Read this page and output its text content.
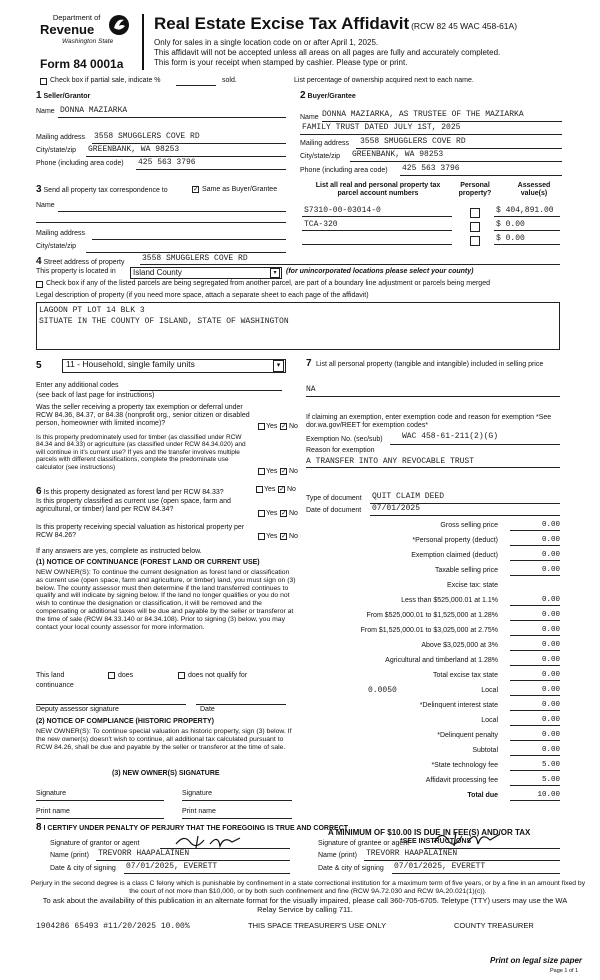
Department of
Revenue
Washington State
Form 84 0001a
Real Estate Excise Tax Affidavit (RCW 82 45 WAC 458-61A)
Only for sales in a single location code on or after April 1, 2025.
This affidavit will not be accepted unless all areas on all pages are fully and accurately completed.
This form is your receipt when stamped by cashier. Please type or print.
Check box if partial sale, indicate %	sold.	List percentage of ownership acquired next to each name.
1 Seller/Grantor
Name DONNA MAZIARKA
Mailing address 3558 SMUGGLERS COVE RD
City/state/zip GREENBANK, WA 98253
Phone (including area code) 425 563 3796
2 Buyer/Grantee
Name DONNA MAZIARKA, AS TRUSTEE OF THE MAZIARKA
FAMILY TRUST DATED JULY 1ST, 2025
Mailing address 3558 SMUGGLERS COVE RD
City/state/zip GREENBANK, WA 98253
Phone (including area code) 425 563 3796
3 Send all property tax correspondence to	✓ Same as Buyer/Grantee
Name
Mailing address
City/state/zip
List all real and personal property tax parcel account numbers
Personal property?
Assessed value(s)
S7310-00-03014-0	$ 404,891.00
TCA-320	$ 0.00
$ 0.00
4 Street address of property 3558 SMUGGLERS COVE RD
This property is located in	Island County	▾	(for unincorporated locations please select your county)
Check box if any of the listed parcels are being segregated from another parcel, are part of a boundary line adjustment or parcels being merged
Legal description of property (if you need more space, attach a separate sheet to each page of the affidavit)
LAGOON PT LOT 14 BLK 3
SITUATE IN THE COUNTY OF ISLAND, STATE OF WASHINGTON
5	11 - Household, single family units	▾
Enter any additional codes
(see back of last page for instructions)
Was the seller receiving a property tax exemption or deferral under RCW 84.36, 84.37, or 84.38 (nonprofit org., senior citizen or disabled person, homeowner with limited income)?	Yes ✓ No
Is this property predominately used for timber (as classified under RCW 84.34 and 84.33) or agriculture (as classified under RCW 84.34.020) and will continue in it's current use? If yes and the transfer involves multiple parcels with different classifications, complete the predominate use calculator (see instructions)
Yes ✓ No
6 Is this property designated as forest land per RCW 84.33?	Yes ✓ No
Is this property classified as current use (open space, farm and agricultural, or timber) land per RCW 84.34?
Yes ✓ No
Is this property receiving special valuation as historical property per RCW 84.26?	Yes ✓ No
If any answers are yes, complete as instructed below.
(1) NOTICE OF CONTINUANCE (FOREST LAND OR CURRENT USE)
NEW OWNER(S): To continue the current designation as forest land or classification as current use (open space, farm and agriculture, or timber) land, you must sign on (3) below. The county assessor must then determine if the land transferred continues to qualify and will indicate by signing below. If the land no longer qualifies or you do not wish to continue the designation or classification, it will be removed and the compensating or additional taxes will be due and payable by the seller or transferor at the time of sale (RCW 84.33.140 or 84.34.108). Prior to signing (3) below, you may contact your local county assessor for more information.
This land	does	does not qualify for
continuance
Deputy assessor signature	Date
(2) NOTICE OF COMPLIANCE (HISTORIC PROPERTY)
NEW OWNER(S): To continue special valuation as historic property, sign (3) below. If the new owner(s) doesn't wish to continue, all additional tax calculated pursuant to RCW 84.26, shall be due and payable by the seller or transferor at the time of sale.
(3) NEW OWNER(S) SIGNATURE
Signature	Signature
Print name	Print name
7 List all personal property (tangible and intangible) included in selling price
NA
If claiming an exemption, enter exemption code and reason for exemption *See dor.wa.gov/REET for exemption codes*
Exemption No. (sec/sub) WAC 458-61-211(2)(G)
Reason for exemption
A TRANSFER INTO ANY REVOCABLE TRUST
Type of document QUIT CLAIM DEED
Date of document 07/01/2025
Gross selling price	0.00
*Personal property (deduct)	0.00
Exemption claimed (deduct)	0.00
Taxable selling price	0.00
Excise tax: state
Less than $525,000.01 at 1.1%	0.00
From $525,000.01 to $1,525,000 at 1.28%	0.00
From $1,525,000.01 to $3,025,000 at 2.75%	0.00
Above $3,025,000 at 3%	0.00
Agricultural and timberland at 1.28%	0.00
Total excise tax state	0.00
Local
0.0050	0.00
*Delinquent interest state	0.00
Local	0.00
*Delinquent penalty	0.00
Subtotal	0.00
*State technology fee	5.00
Affidavit processing fee	5.00
Total due	10.00
A MINIMUM OF $10.00 IS DUE IN FEE(S) AND/OR TAX
*SEE INSTRUCTIONS
8 I CERTIFY UNDER PENALTY OF PERJURY THAT THE FOREGOING IS TRUE AND CORRECT
Signature of grantor or agent
Name (print) TREVORR HAAPALAINEN
Date & city of signing 07/01/2025, EVERETT
Signature of grantee or agent
Name (print) TREVORR HAAPALAINEN
Date & city of signing 07/01/2025, EVERETT
Perjury in the second degree is a class C felony which is punishable by confinement in a state correctional institution for a maximum term of five years, or by a fine in an amount fixed by the court of not more than $10,000, or by both such confinement and fine (RCW 9A.72.030 and RCW 9A.20.021(1)(c)).
To ask about the availability of this publication in an alternate format for the visually impaired, please call 360-705-6705. Teletype (TTY) users may use the WA Relay Service by calling 711.
1904286 65493 #11/20/2025 10.00%	THIS SPACE TREASURER'S USE ONLY	COUNTY TREASURER
Print on legal size paper
Page 1 of 1
